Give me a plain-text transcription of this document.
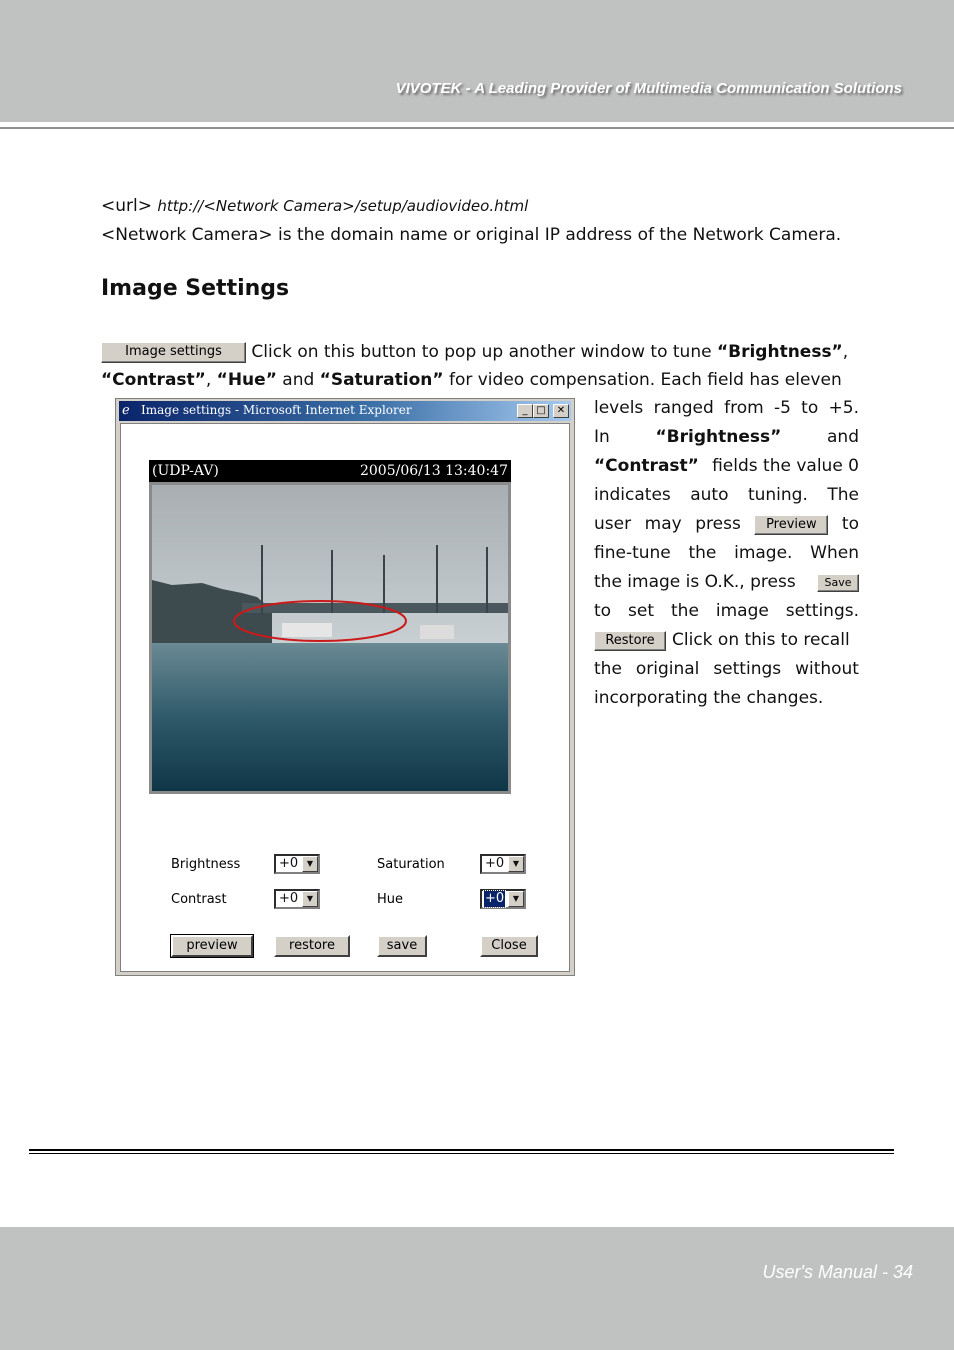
VIVOTEK - A Leading Provider of Multimedia Communication Solutions
<url> http://<Network Camera>/setup/audiovideo.html
<Network Camera> is the domain name or original IP address of the Network Camera.
Image Settings
Image settings	Click on this button to pop up another window to tune “Brightness” ,
“Contrast” , “Hue” and “Saturation” for video compensation. Each field has eleven
levels ranged from -5 to +5.
In	“Brightness”	and
“Contrast” fields the value 0
indicates auto tuning. The
user may press	Preview	to
fine-tune the image. When
the image is O.K., press	Save
to set the image settings.
Restore	Click on this to recall
the original settings without
incorporating the changes.
ℯ Image settings - Microsoft Internet Explorer	_ □	✕
(UDP-AV)	2005/06/13 13:40:47
Brightness	+0	▼	Saturation	+0	▼
Contrast	+0	▼	Hue	+0	▼
preview	restore	save	Close
User's Manual - 34
